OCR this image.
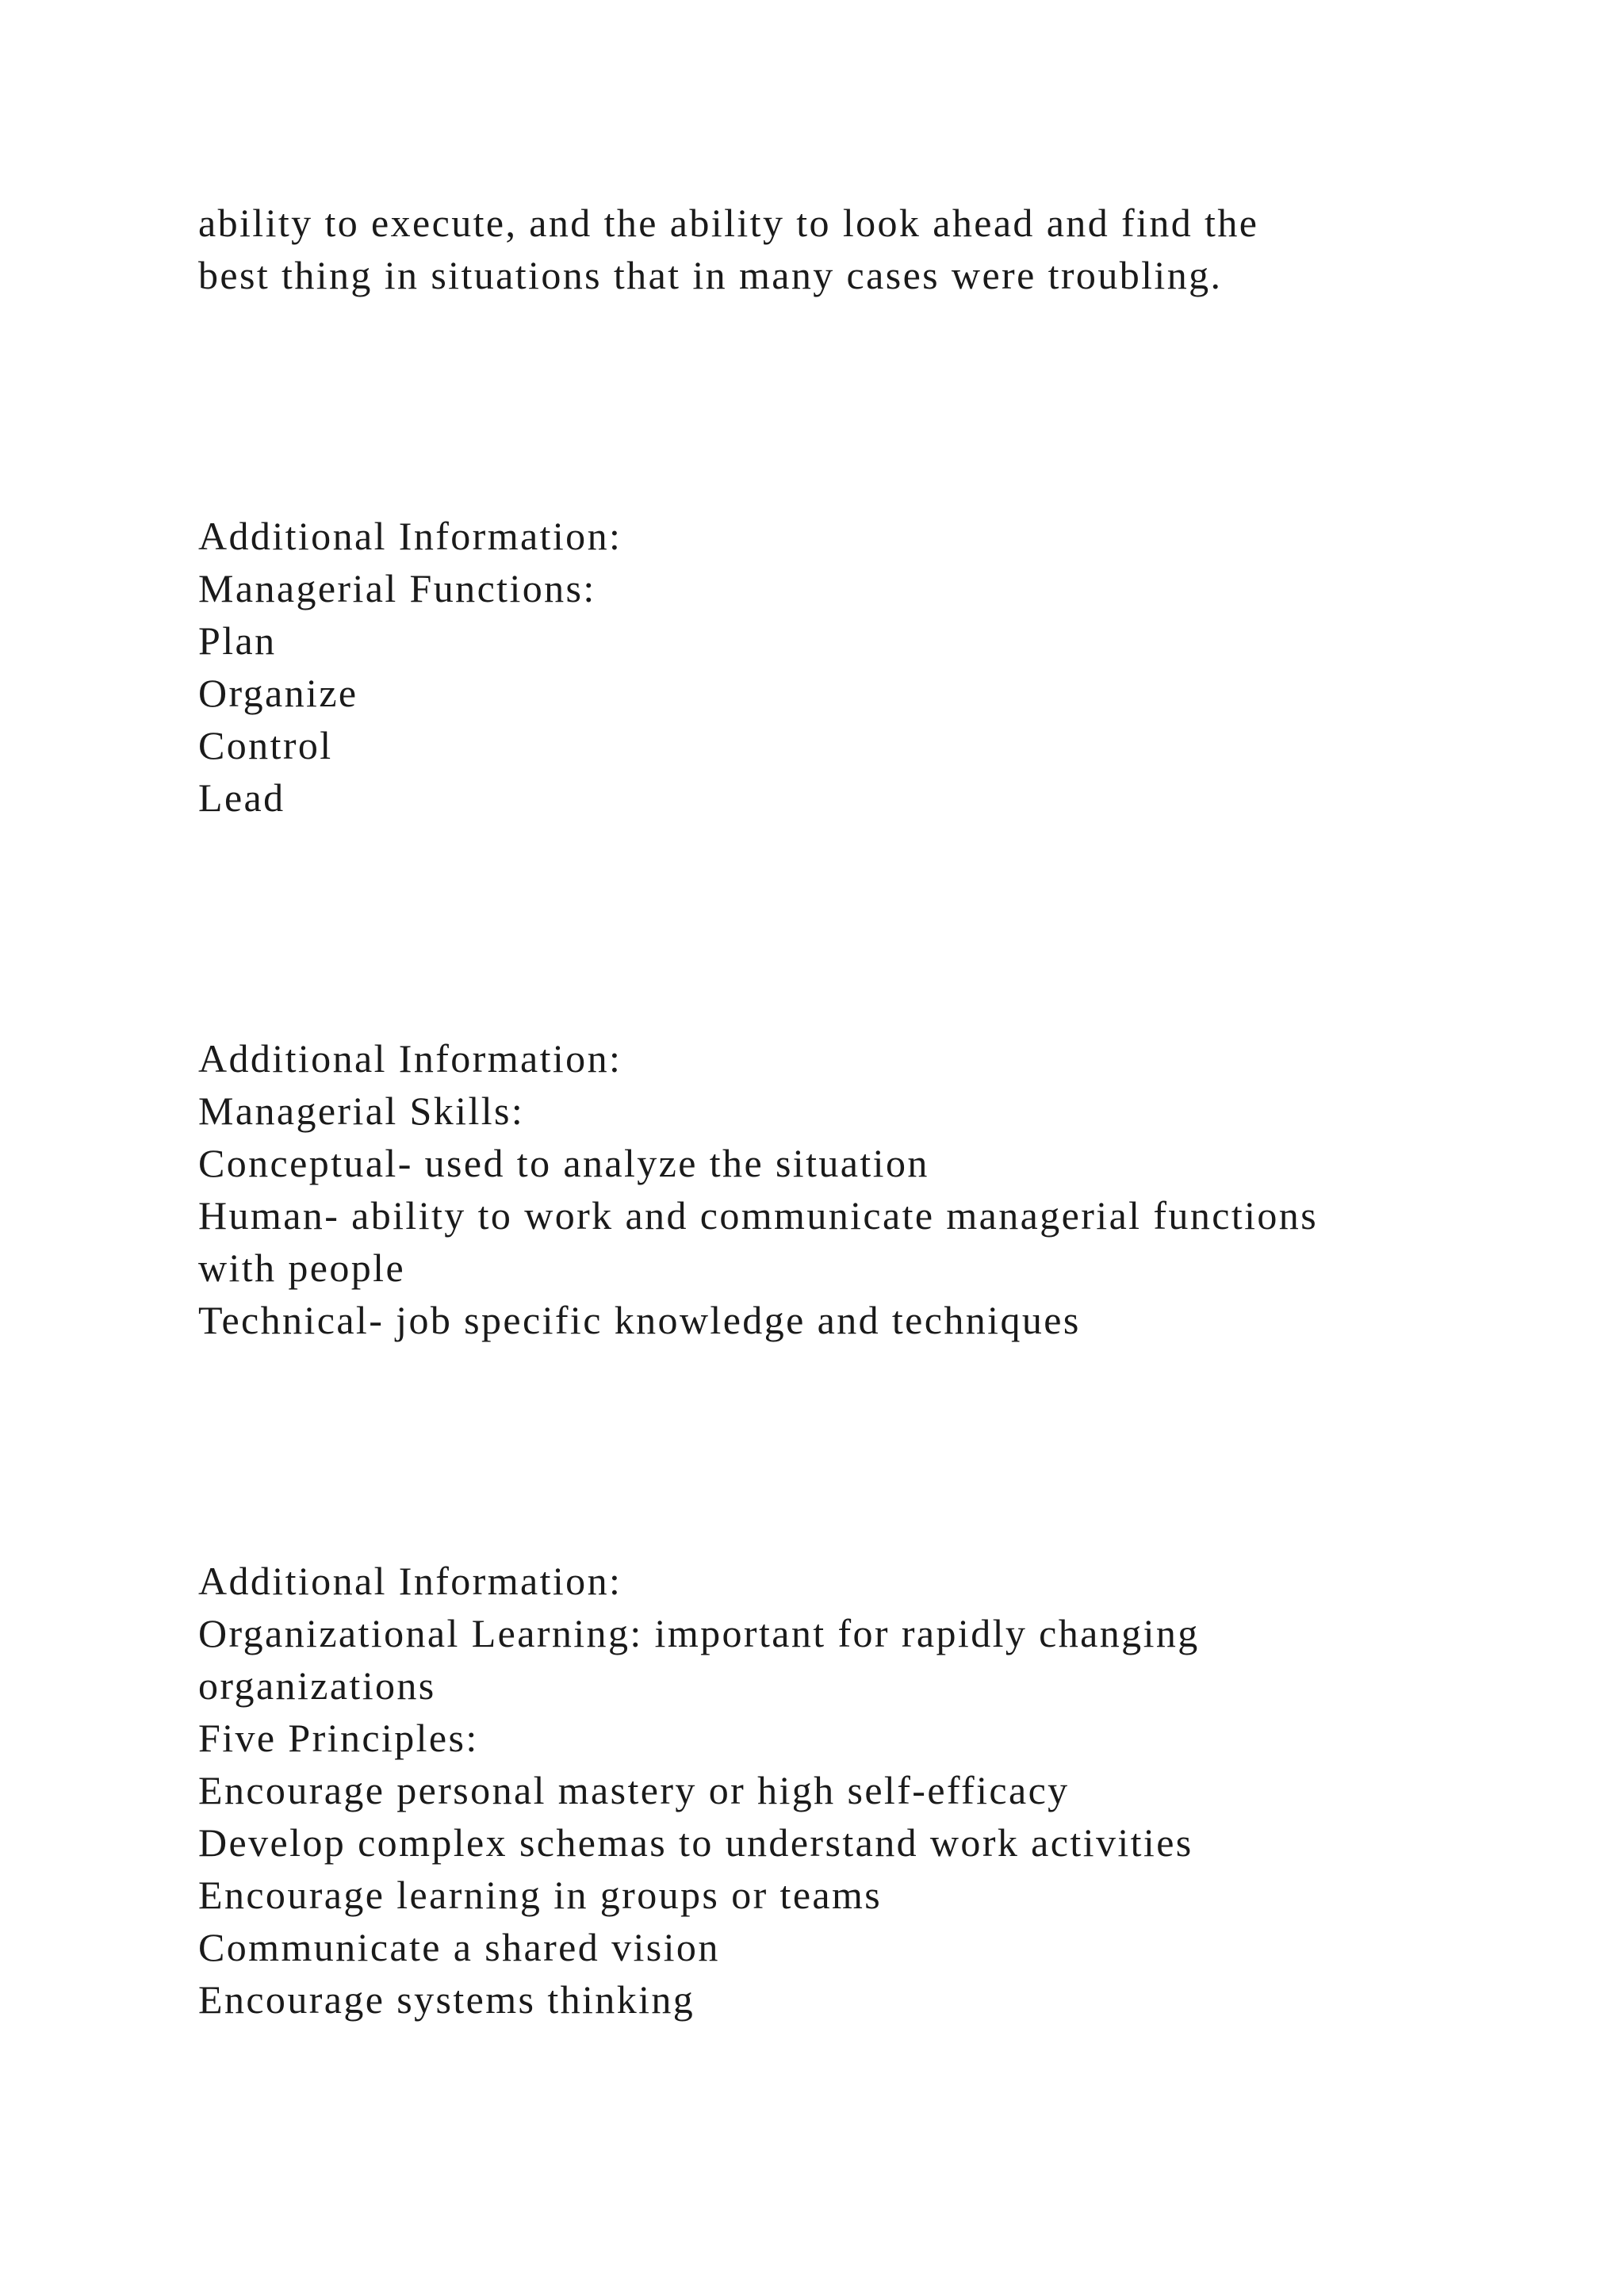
ability to execute, and the ability to look ahead and find the
best thing in situations that in many cases were troubling.
Additional Information:
Managerial Functions:
Plan
Organize
Control
Lead
Additional Information:
Managerial Skills:
Conceptual- used to analyze the situation
Human- ability to work and communicate managerial functions
with people
Technical- job specific knowledge and techniques
Additional Information:
Organizational Learning: important for rapidly changing
organizations
Five Principles:
Encourage personal mastery or high self-efficacy
Develop complex schemas to understand work activities
Encourage learning in groups or teams
Communicate a shared vision
Encourage systems thinking
